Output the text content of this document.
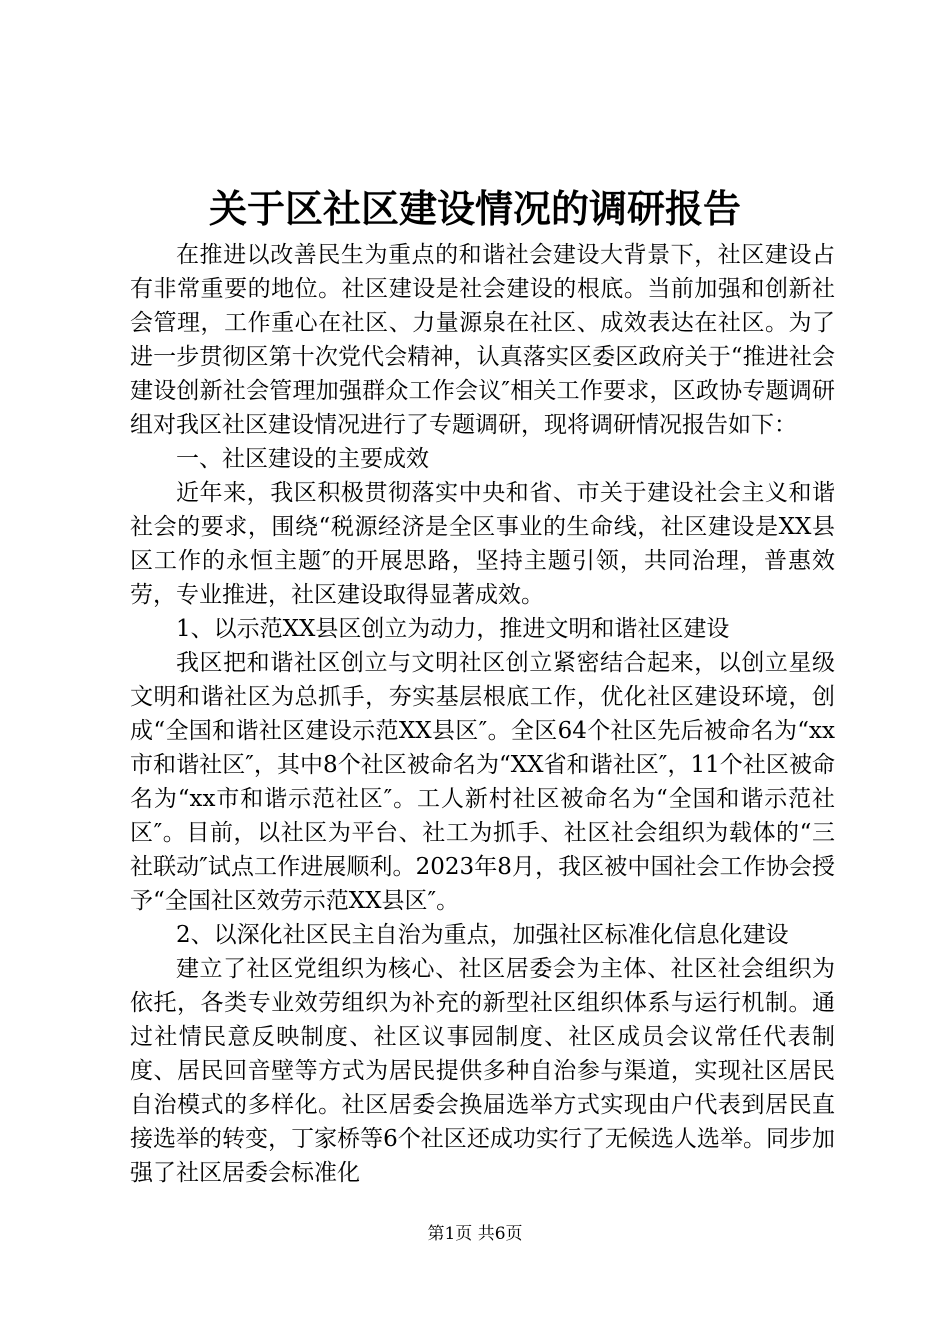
关于区社区建设情况的调研报告

在推进以改善民生为重点的和谐社会建设大背景下，社区建设占有非常重要的地位。社区建设是社会建设的根底。当前加强和创新社会管理，工作重心在社区、力量源泉在社区、成效表达在社区。为了进一步贯彻区第十次党代会精神，认真落实区委区政府关于“推进社会建设创新社会管理加强群众工作会议″相关工作要求，区政协专题调研组对我区社区建设情况进行了专题调研，现将调研情况报告如下：

一、社区建设的主要成效

近年来，我区积极贯彻落实中央和省、市关于建设社会主义和谐社会的要求，围绕“税源经济是全区事业的生命线，社区建设是XX县区工作的永恒主题″的开展思路，坚持主题引领，共同治理，普惠效劳，专业推进，社区建设取得显著成效。

1、以示范XX县区创立为动力，推进文明和谐社区建设

我区把和谐社区创立与文明社区创立紧密结合起来，以创立星级文明和谐社区为总抓手，夯实基层根底工作，优化社区建设环境，创成“全国和谐社区建设示范XX县区″。全区64个社区先后被命名为“xx市和谐社区″，其中8个社区被命名为“XX省和谐社区″，11个社区被命名为“xx市和谐示范社区″。工人新村社区被命名为“全国和谐示范社区″。目前，以社区为平台、社工为抓手、社区社会组织为载体的“三社联动″试点工作进展顺利。2023年8月，我区被中国社会工作协会授予“全国社区效劳示范XX县区″。

2、以深化社区民主自治为重点，加强社区标准化信息化建设

建立了社区党组织为核心、社区居委会为主体、社区社会组织为依托，各类专业效劳组织为补充的新型社区组织体系与运行机制。通过社情民意反映制度、社区议事园制度、社区成员会议常任代表制度、居民回音壁等方式为居民提供多种自治参与渠道，实现社区居民自治模式的多样化。社区居委会换届选举方式实现由户代表到居民直接选举的转变，丁家桥等6个社区还成功实行了无候选人选举。同步加强了社区居委会标准化

第1页 共6页
